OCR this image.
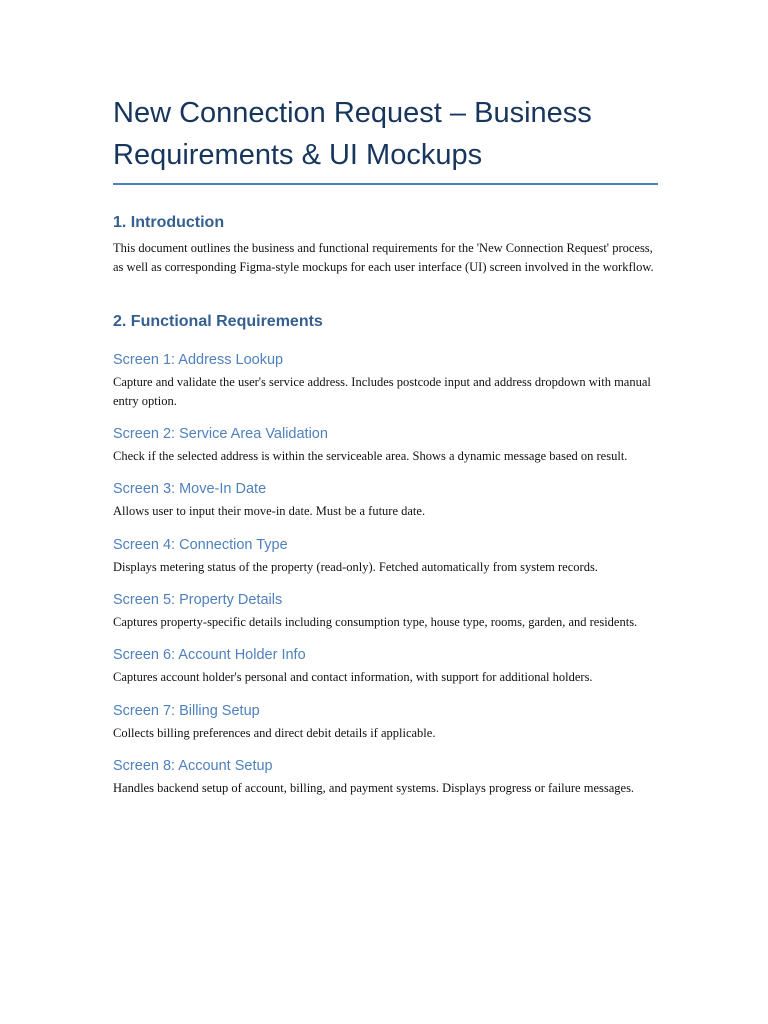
New Connection Request – Business Requirements & UI Mockups
1. Introduction

This document outlines the business and functional requirements for the 'New Connection Request' process, as well as corresponding Figma-style mockups for each user interface (UI) screen involved in the workflow.

2. Functional Requirements
Screen 1: Address Lookup

Capture and validate the user's service address. Includes postcode input and address dropdown with manual entry option.

Screen 2: Service Area Validation

Check if the selected address is within the serviceable area. Shows a dynamic message based on result.

Screen 3: Move-In Date

Allows user to input their move-in date. Must be a future date.

Screen 4: Connection Type

Displays metering status of the property (read-only). Fetched automatically from system records.

Screen 5: Property Details

Captures property-specific details including consumption type, house type, rooms, garden, and residents.

Screen 6: Account Holder Info

Captures account holder's personal and contact information, with support for additional holders.

Screen 7: Billing Setup

Collects billing preferences and direct debit details if applicable.

Screen 8: Account Setup

Handles backend setup of account, billing, and payment systems. Displays progress or failure messages.
